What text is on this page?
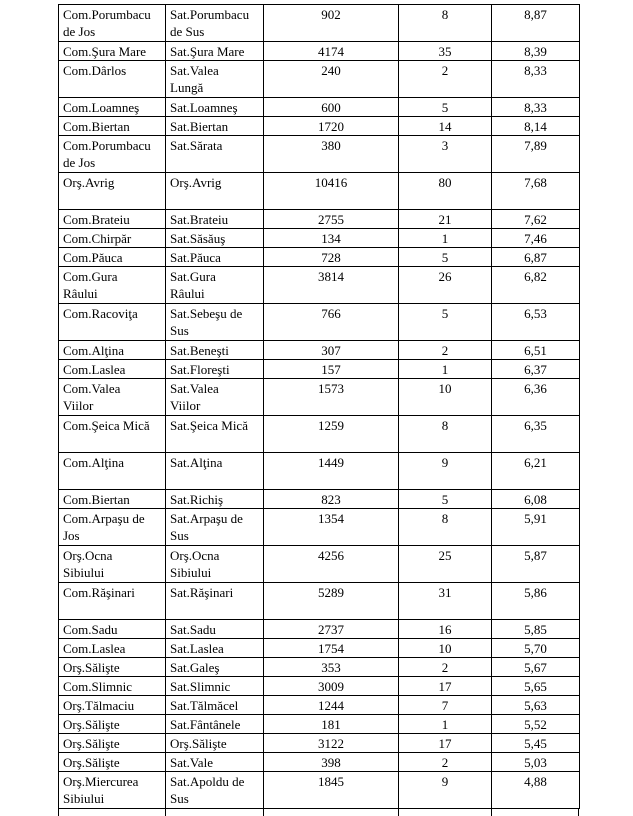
Com.Porumbacu de Jos	Sat.Porumbacu de Sus	902	8	8,87
Com.Şura Mare	Sat.Şura Mare	4174	35	8,39
Com.Dârlos	Sat.Valea Lungă	240	2	8,33
Com.Loamneş	Sat.Loamneş	600	5	8,33
Com.Biertan	Sat.Biertan	1720	14	8,14
Com.Porumbacu de Jos	Sat.Sărata	380	3	7,89
Orş.Avrig	Orş.Avrig	10416	80	7,68
Com.Brateiu	Sat.Brateiu	2755	21	7,62
Com.Chirpăr	Sat.Săsăuş	134	1	7,46
Com.Păuca	Sat.Păuca	728	5	6,87
Com.Gura Râului	Sat.Gura Râului	3814	26	6,82
Com.Racoviţa	Sat.Sebeşu de Sus	766	5	6,53
Com.Alţina	Sat.Beneşti	307	2	6,51
Com.Laslea	Sat.Floreşti	157	1	6,37
Com.Valea Viilor	Sat.Valea Viilor	1573	10	6,36
Com.Şeica Mică	Sat.Şeica Mică	1259	8	6,35
Com.Alţina	Sat.Alţina	1449	9	6,21
Com.Biertan	Sat.Richiş	823	5	6,08
Com.Arpaşu de Jos	Sat.Arpaşu de Sus	1354	8	5,91
Orş.Ocna Sibiului	Orş.Ocna Sibiului	4256	25	5,87
Com.Răşinari	Sat.Răşinari	5289	31	5,86
Com.Sadu	Sat.Sadu	2737	16	5,85
Com.Laslea	Sat.Laslea	1754	10	5,70
Orş.Sălişte	Sat.Galeş	353	2	5,67
Com.Slimnic	Sat.Slimnic	3009	17	5,65
Orş.Tălmaciu	Sat.Tălmăcel	1244	7	5,63
Orş.Sălişte	Sat.Fântânele	181	1	5,52
Orş.Sălişte	Orş.Sălişte	3122	17	5,45
Orş.Sălişte	Sat.Vale	398	2	5,03
Orş.Miercurea Sibiului	Sat.Apoldu de Sus	1845	9	4,88
